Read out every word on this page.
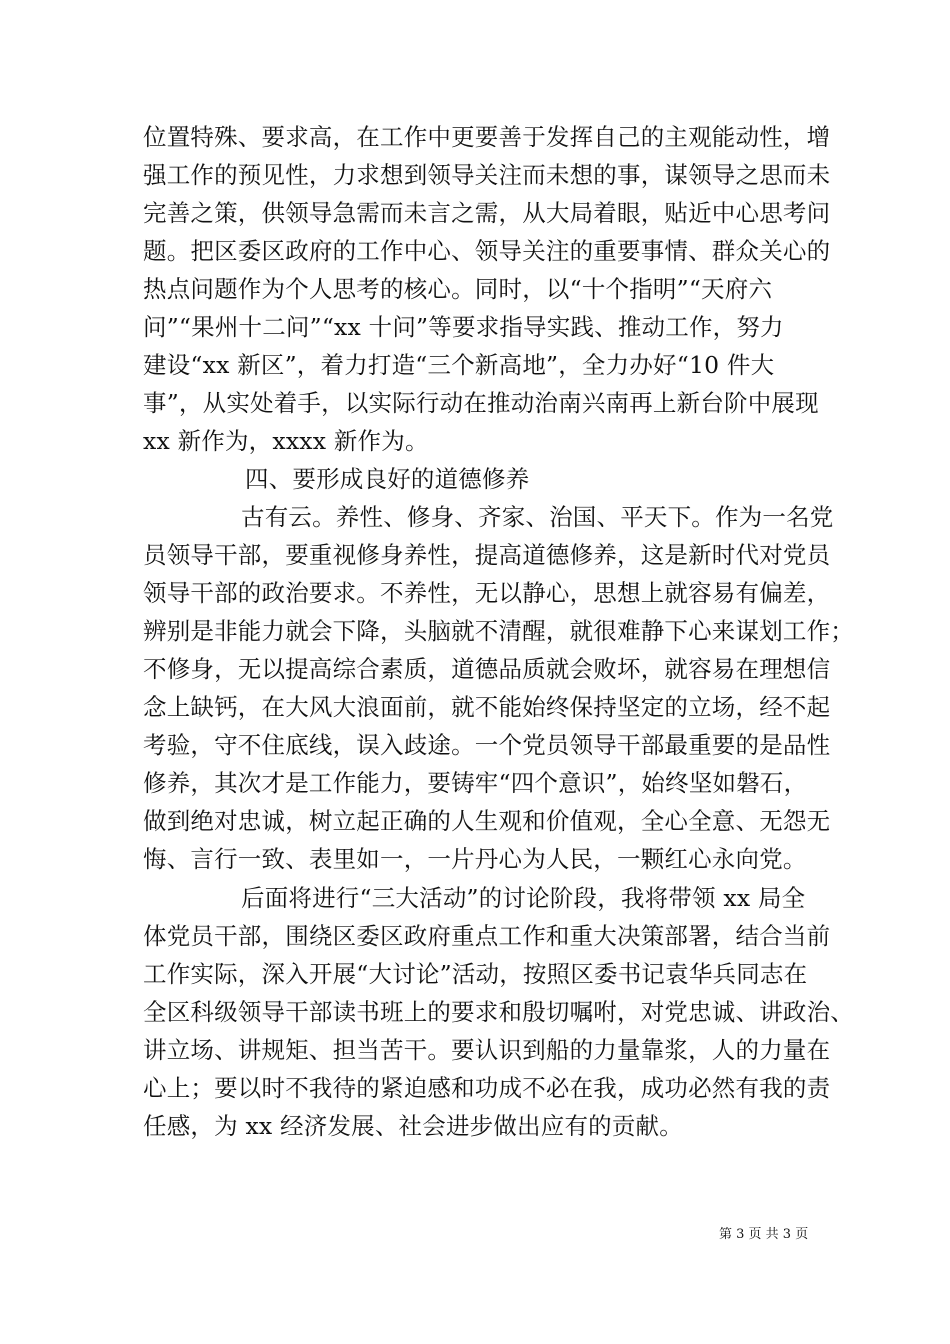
位置特殊、要求高，在工作中更要善于发挥自己的主观能动性，增
强工作的预见性，力求想到领导关注而未想的事，谋领导之思而未
完善之策，供领导急需而未言之需，从大局着眼，贴近中心思考问
题。把区委区政府的工作中心、领导关注的重要事情、群众关心的
热点问题作为个人思考的核心。同时，以“十个指明”“天府六
问”“果州十二问”“xx 十问”等要求指导实践、推动工作，努力
建设“xx 新区”，着力打造“三个新高地”，全力办好“10 件大
事”，从实处着手，以实际行动在推动治南兴南再上新台阶中展现
xx 新作为，xxxx 新作为。
四、要形成良好的道德修养
古有云。养性、修身、齐家、治国、平天下。作为一名党
员领导干部，要重视修身养性，提高道德修养，这是新时代对党员
领导干部的政治要求。不养性，无以静心，思想上就容易有偏差，
辨别是非能力就会下降，头脑就不清醒，就很难静下心来谋划工作；
不修身，无以提高综合素质，道德品质就会败坏，就容易在理想信
念上缺钙，在大风大浪面前，就不能始终保持坚定的立场，经不起
考验，守不住底线，误入歧途。一个党员领导干部最重要的是品性
修养，其次才是工作能力，要铸牢“四个意识”，始终坚如磐石，
做到绝对忠诚，树立起正确的人生观和价值观，全心全意、无怨无
悔、言行一致、表里如一，一片丹心为人民，一颗红心永向党。
后面将进行“三大活动”的讨论阶段，我将带领 xx 局全
体党员干部，围绕区委区政府重点工作和重大决策部署，结合当前
工作实际，深入开展“大讨论”活动，按照区委书记袁华兵同志在
全区科级领导干部读书班上的要求和殷切嘱咐，对党忠诚、讲政治、
讲立场、讲规矩、担当苦干。要认识到船的力量靠浆，人的力量在
心上；要以时不我待的紧迫感和功成不必在我，成功必然有我的责
任感，为 xx 经济发展、社会进步做出应有的贡献。
第 3 页 共 3 页
